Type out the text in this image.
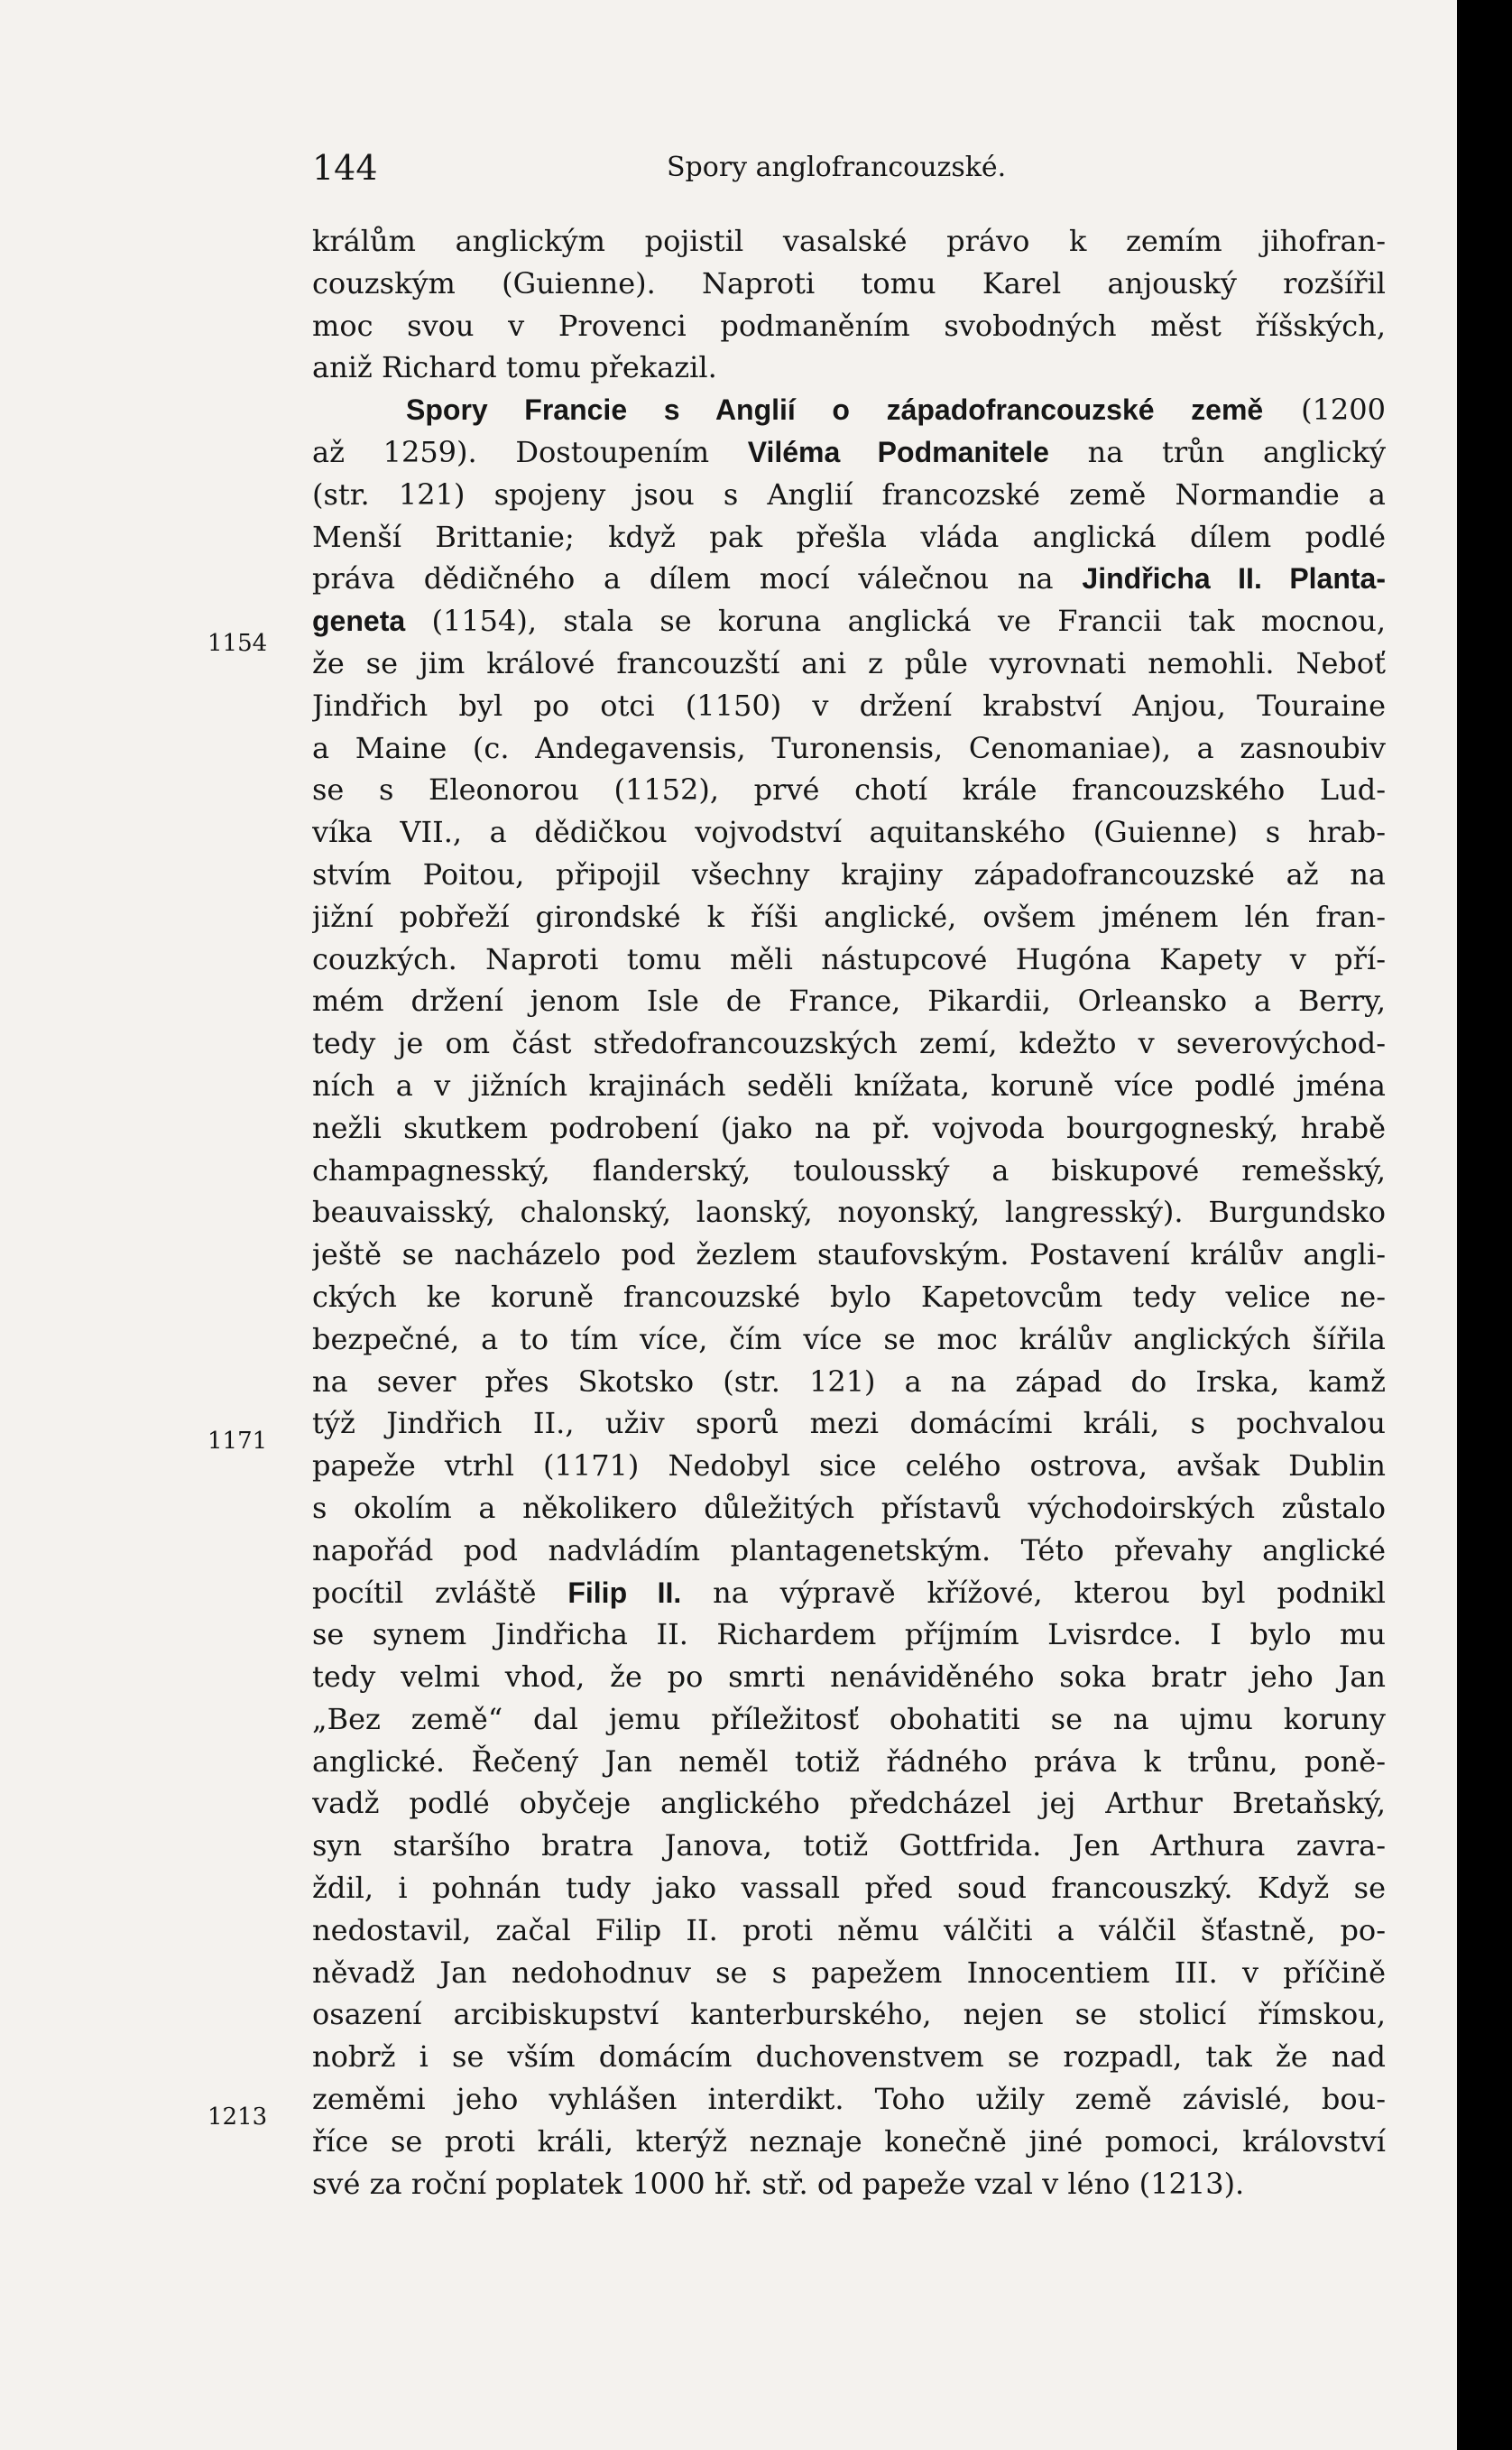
144	Spory anglofrancouzské.
1154
1171
1213
králům anglickým pojistil vasalské právo k zemím jihofran-
couzským (Guienne). Naproti tomu Karel anjouský rozšířil
moc svou v Provenci podmaněním svobodných měst říšských,
aniž Richard tomu překazil.
Spory Francie s Anglií o západofrancouzské země (1200
až 1259). Dostoupením Viléma Podmanitele na trůn anglický
(str. 121) spojeny jsou s Anglií francozské země Normandie a
Menší Brittanie; když pak přešla vláda anglická dílem podlé
práva dědičného a dílem mocí válečnou na Jindřicha II. Planta-
geneta (1154), stala se koruna anglická ve Francii tak mocnou,
že se jim králové francouzští ani z půle vyrovnati nemohli. Neboť
Jindřich byl po otci (1150) v držení krabství Anjou, Touraine
a Maine (c. Andegavensis, Turonensis, Cenomaniae), a zasnoubiv
se s Eleonorou (1152), prvé chotí krále francouzského Lud-
víka VII., a dědičkou vojvodství aquitanského (Guienne) s hrab-
stvím Poitou, připojil všechny krajiny západofrancouzské až na
jižní pobřeží girondské k říši anglické, ovšem jménem lén fran-
couzkých. Naproti tomu měli nástupcové Hugóna Kapety v pří-
mém držení jenom Isle de France, Pikardii, Orleansko a Berry,
tedy je om část středofrancouzských zemí, kdežto v severovýchod-
ních a v jižních krajinách seděli knížata, koruně více podlé jména
nežli skutkem podrobení (jako na př. vojvoda bourgogneský, hrabě
champagnesský, flanderský, toulousský a biskupové remešský,
beauvaisský, chalonský, laonský, noyonský, langresský). Burgundsko
ještě se nacházelo pod žezlem staufovským. Postavení králův angli-
ckých ke koruně francouzské bylo Kapetovcům tedy velice ne-
bezpečné, a to tím více, čím více se moc králův anglických šířila
na sever přes Skotsko (str. 121) a na západ do Irska, kamž
týž Jindřich II., uživ sporů mezi domácími králi, s pochvalou
papeže vtrhl (1171) Nedobyl sice celého ostrova, avšak Dublin
s okolím a několikero důležitých přístavů východoirských zůstalo
napořád pod nadvládím plantagenetským. Této převahy anglické
pocítil zvláště Filip II. na výpravě křížové, kterou byl podnikl
se synem Jindřicha II. Richardem příjmím Lvisrdce. I bylo mu
tedy velmi vhod, že po smrti nenáviděného soka bratr jeho Jan
„Bez země“ dal jemu příležitosť obohatiti se na ujmu koruny
anglické. Řečený Jan neměl totiž řádného práva k trůnu, poně-
vadž podlé obyčeje anglického předcházel jej Arthur Bretaňský,
syn staršího bratra Janova, totiž Gottfrida. Jen Arthura zavra-
ždil, i pohnán tudy jako vassall před soud francouszký. Když se
nedostavil, začal Filip II. proti němu válčiti a válčil šťastně, po-
něvadž Jan nedohodnuv se s papežem Innocentiem III. v příčině
osazení arcibiskupství kanterburského, nejen se stolicí římskou,
nobrž i se vším domácím duchovenstvem se rozpadl, tak že nad
zeměmi jeho vyhlášen interdikt. Toho užily země závislé, bou-
říce se proti králi, kterýž neznaje konečně jiné pomoci, království
své za roční poplatek 1000 hř. stř. od papeže vzal v léno (1213).
